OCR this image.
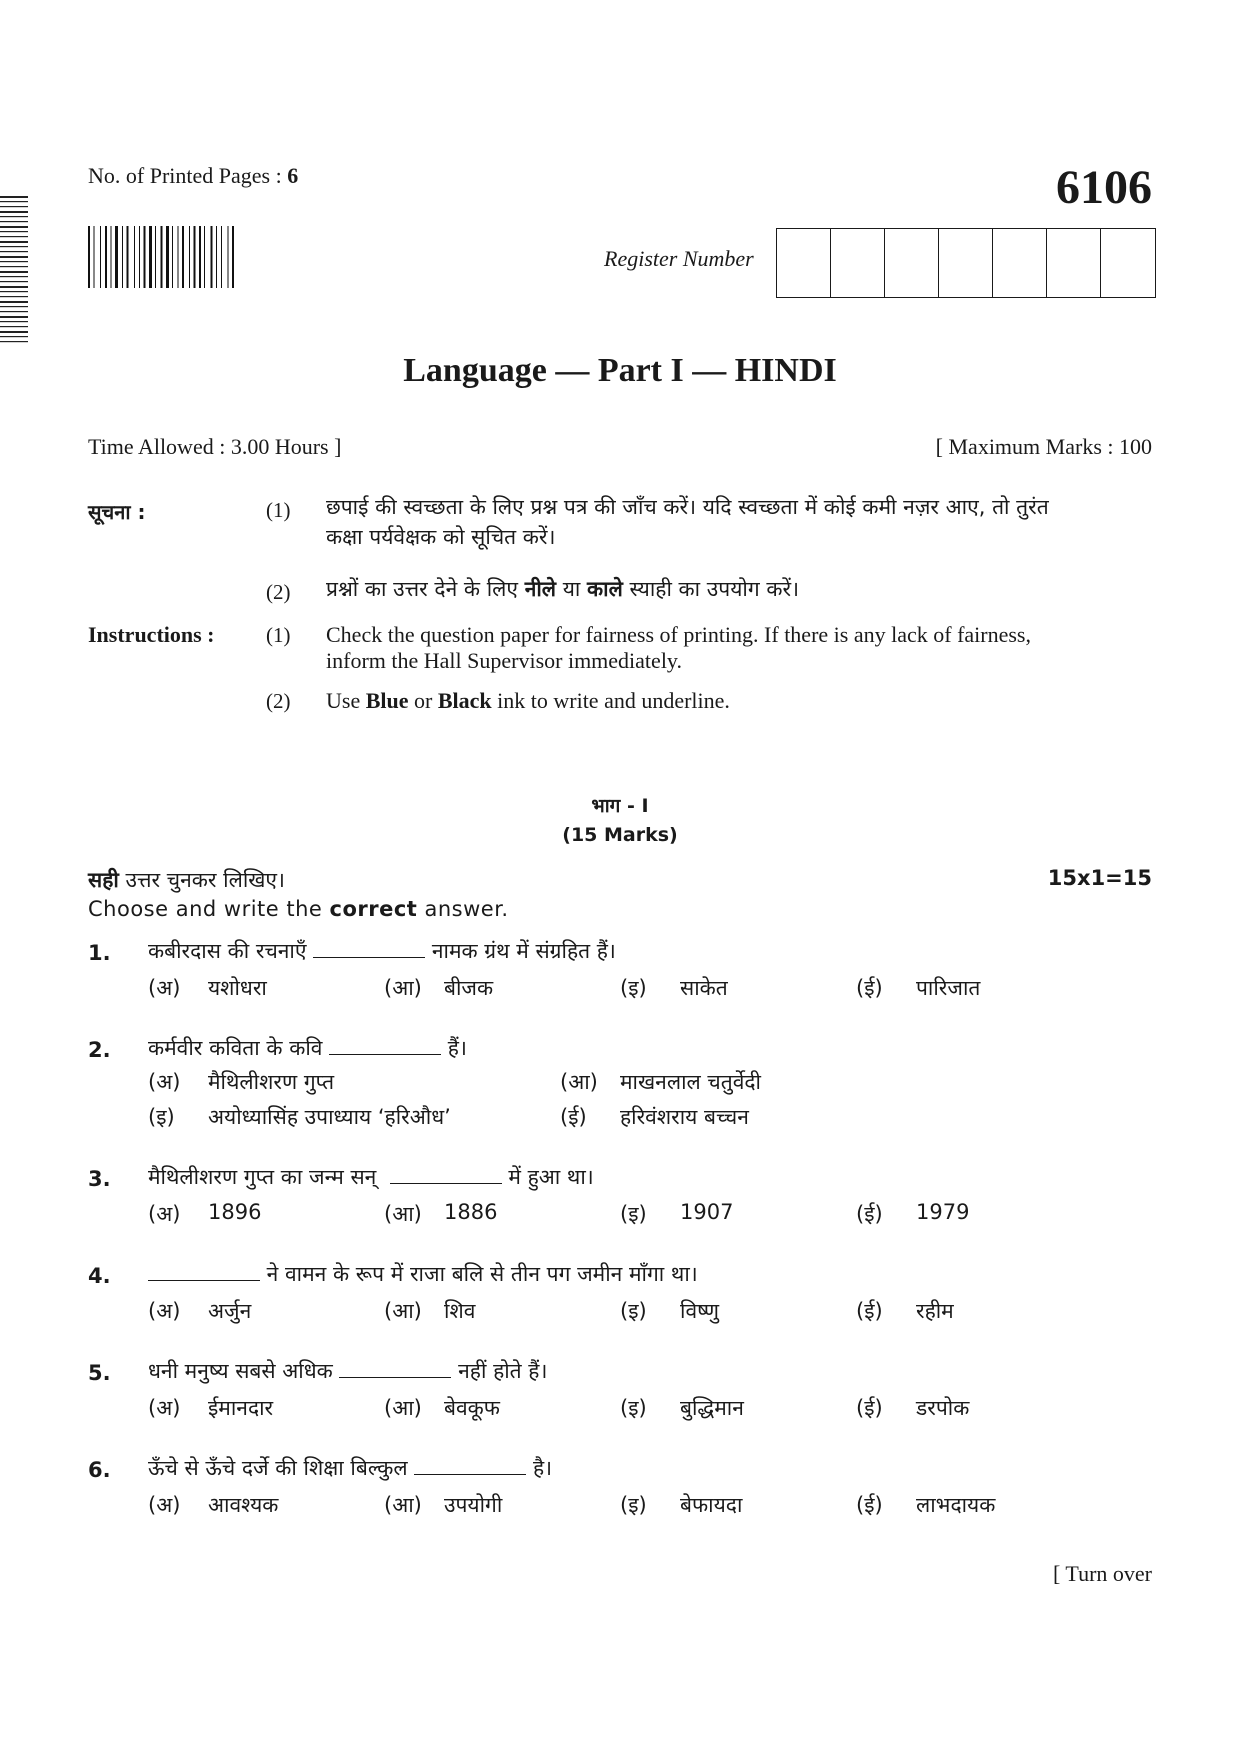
No. of Printed Pages : 6	6106
Register Number
Language — Part I — HINDI
Time Allowed : 3.00 Hours ]	[ Maximum Marks : 100
सूचना :	(1) छपाई की स्वच्छता के लिए प्रश्न पत्र की जाँच करें। यदि स्वच्छता में कोई कमी नज़र आए, तो तुरंत
कक्षा पर्यवेक्षक को सूचित करें।
(2) प्रश्नों का उत्तर देने के लिए नीले या काले स्याही का उपयोग करें।
Instructions : (1) Check the question paper for fairness of printing. If there is any lack of fairness,
inform the Hall Supervisor immediately.
(2) Use Blue or Black ink to write and underline.
भाग - I
(15 Marks)
सही उत्तर चुनकर लिखिए।
Choose and write the correct answer.
15x1=15
1. कबीरदास की रचनाएँ	नामक ग्रंथ में संग्रहित हैं।
(अ) यशोधरा	(आ) बीजक	(इ) साकेत	(ई) पारिजात
2. कर्मवीर कविता के कवि	हैं।
(अ) मैथिलीशरण गुप्त	(आ) माखनलाल चतुर्वेदी
(इ) अयोध्यासिंह उपाध्याय ‘हरिऔध’	(ई) हरिवंशराय बच्चन
3. मैथिलीशरण गुप्त का जन्म सन्	में हुआ था।
(अ) 1896	(आ) 1886	(इ) 1907	(ई) 1979
4.	ने वामन के रूप में राजा बलि से तीन पग जमीन माँगा था।
(अ) अर्जुन	(आ) शिव	(इ) विष्णु	(ई) रहीम
5. धनी मनुष्य सबसे अधिक	नहीं होते हैं।
(अ) ईमानदार	(आ) बेवकूफ	(इ) बुद्धिमान	(ई) डरपोक
6. ऊँचे से ऊँचे दर्जे की शिक्षा बिल्कुल	है।
(अ) आवश्यक	(आ) उपयोगी	(इ) बेफायदा	(ई) लाभदायक
[ Turn over
